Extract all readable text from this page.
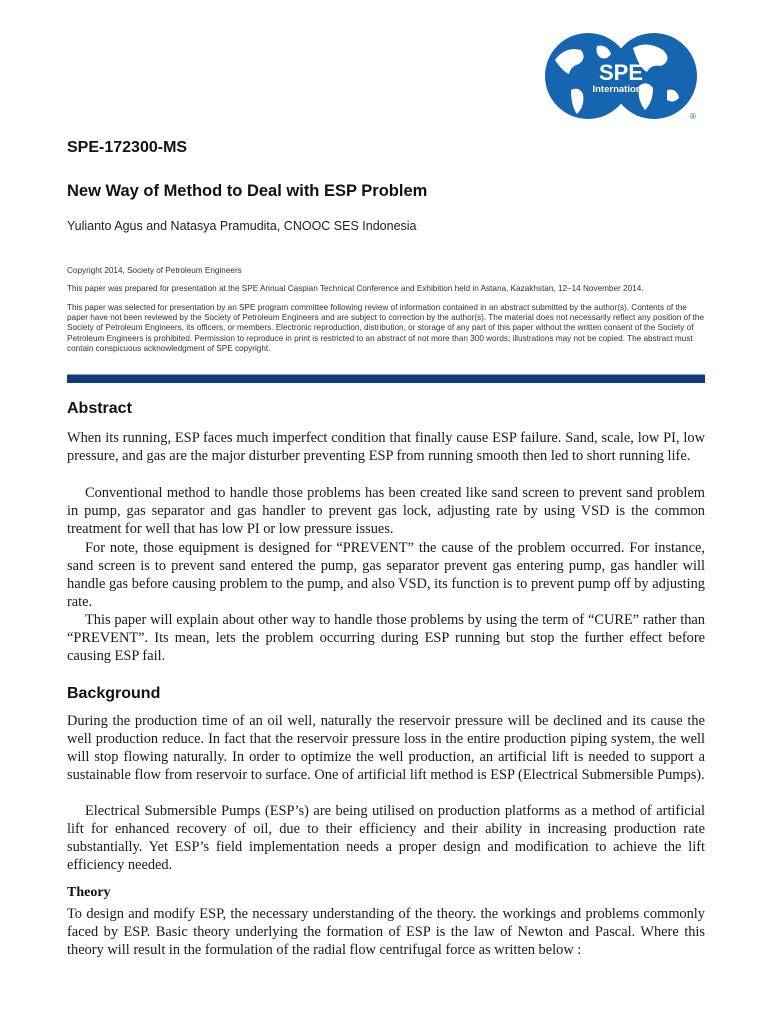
SPE
International
®
SPE-172300-MS
New Way of Method to Deal with ESP Problem
Yulianto Agus and Natasya Pramudita, CNOOC SES Indonesia

Copyright 2014, Society of Petroleum Engineers

This paper was prepared for presentation at the SPE Annual Caspian Technical Conference and Exhibition held in Astana, Kazakhstan, 12–14 November 2014.

This paper was selected for presentation by an SPE program committee following review of information contained in an abstract submitted by the author(s). Contents of the paper have not been reviewed by the Society of Petroleum Engineers and are subject to correction by the author(s). The material does not necessarily reflect any position of the Society of Petroleum Engineers, its officers, or members. Electronic reproduction, distribution, or storage of any part of this paper without the written consent of the Society of Petroleum Engineers is prohibited. Permission to reproduce in print is restricted to an abstract of not more than 300 words; illustrations may not be copied. The abstract must contain conspicuous acknowledgment of SPE copyright.

Abstract

When its running, ESP faces much imperfect condition that finally cause ESP failure. Sand, scale, low PI, low pressure, and gas are the major disturber preventing ESP from running smooth then led to short running life.

Conventional method to handle those problems has been created like sand screen to prevent sand problem in pump, gas separator and gas handler to prevent gas lock, adjusting rate by using VSD is the common treatment for well that has low PI or low pressure issues.

For note, those equipment is designed for “PREVENT” the cause of the problem occurred. For instance, sand screen is to prevent sand entered the pump, gas separator prevent gas entering pump, gas handler will handle gas before causing problem to the pump, and also VSD, its function is to prevent pump off by adjusting rate.

This paper will explain about other way to handle those problems by using the term of “CURE” rather than “PREVENT”. Its mean, lets the problem occurring during ESP running but stop the further effect before causing ESP fail.

Background

During the production time of an oil well, naturally the reservoir pressure will be declined and its cause the well production reduce. In fact that the reservoir pressure loss in the entire production piping system, the well will stop flowing naturally. In order to optimize the well production, an artificial lift is needed to support a sustainable flow from reservoir to surface. One of artificial lift method is ESP (Electrical Submersible Pumps).

Electrical Submersible Pumps (ESP’s) are being utilised on production platforms as a method of artificial lift for enhanced recovery of oil, due to their efficiency and their ability in increasing production rate substantially. Yet ESP’s field implementation needs a proper design and modification to achieve the lift efficiency needed.

Theory

To design and modify ESP, the necessary understanding of the theory. the workings and problems commonly faced by ESP. Basic theory underlying the formation of ESP is the law of Newton and Pascal. Where this theory will result in the formulation of the radial flow centrifugal force as written below :
